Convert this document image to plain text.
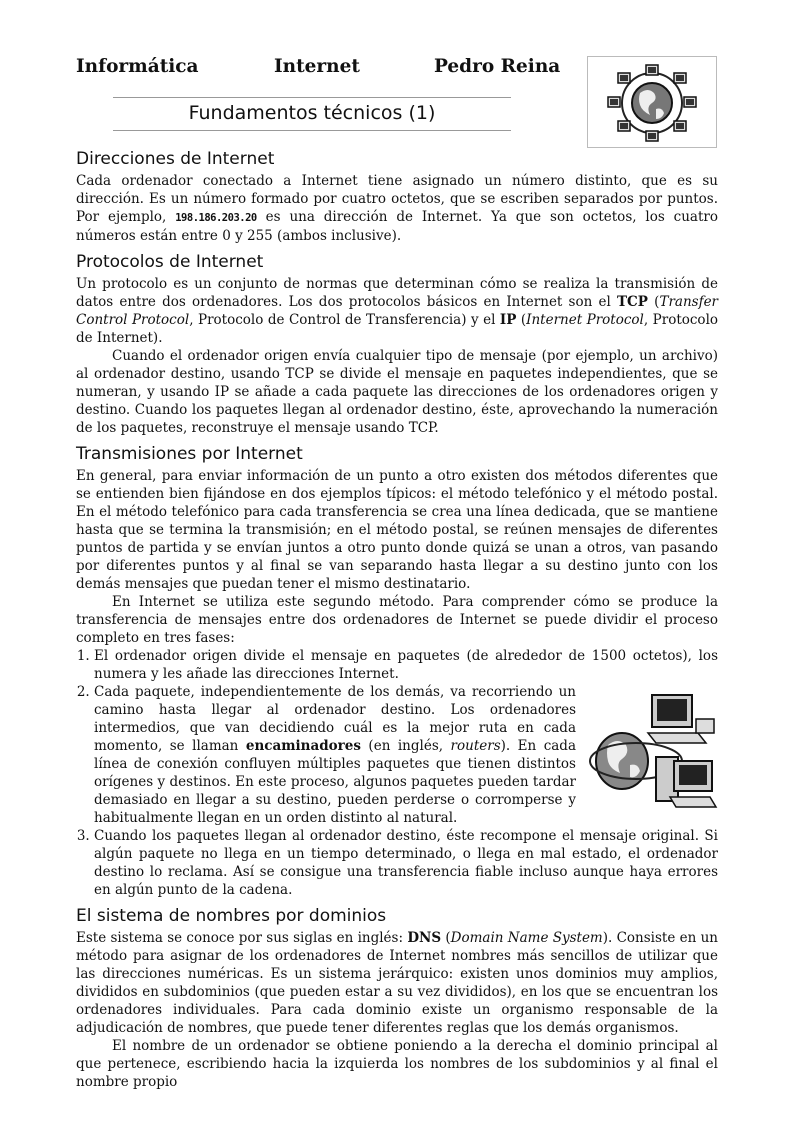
Informática	Internet	Pedro Reina
Fundamentos técnicos (1)
Direcciones de Internet

Cada ordenador conectado a Internet tiene asignado un número distinto, que es su dirección. Es un número formado por cuatro octetos, que se escriben separados por puntos. Por ejemplo, 198.186.203.20 es una dirección de Internet. Ya que son octetos, los cuatro números están entre 0 y 255 (ambos inclusive).

Protocolos de Internet

Un protocolo es un conjunto de normas que determinan cómo se realiza la transmisión de datos entre dos ordenadores. Los dos protocolos básicos en Internet son el TCP (Transfer Control Protocol, Protocolo de Control de Transferencia) y el IP (Internet Protocol, Protocolo de Internet).

Cuando el ordenador origen envía cualquier tipo de mensaje (por ejemplo, un archivo) al ordenador destino, usando TCP se divide el mensaje en paquetes independientes, que se numeran, y usando IP se añade a cada paquete las direcciones de los ordenadores origen y destino. Cuando los paquetes llegan al ordenador destino, éste, aprovechando la numeración de los paquetes, reconstruye el mensaje usando TCP.

Transmisiones por Internet

En general, para enviar información de un punto a otro existen dos métodos diferentes que se entienden bien fijándose en dos ejemplos típicos: el método telefónico y el método postal. En el método telefónico para cada transferencia se crea una línea dedicada, que se mantiene hasta que se termina la transmisión; en el método postal, se reúnen mensajes de diferentes puntos de partida y se envían juntos a otro punto donde quizá se unan a otros, van pasando por diferentes puntos y al final se van separando hasta llegar a su destino junto con los demás mensajes que puedan tener el mismo destinatario.

En Internet se utiliza este segundo método. Para comprender cómo se produce la transferencia de mensajes entre dos ordenadores de Internet se puede dividir el proceso completo en tres fases:

1. El ordenador origen divide el mensaje en paquetes (de alrededor de 1500 octetos), los numera y les añade las direcciones Internet.
2. Cada paquete, independientemente de los demás, va recorriendo un camino hasta llegar al ordenador destino. Los ordenadores intermedios, que van decidiendo cuál es la mejor ruta en cada momento, se llaman encaminadores (en inglés, routers). En cada línea de conexión confluyen múltiples paquetes que tienen distintos orígenes y destinos. En este proceso, algunos paquetes pueden tardar demasiado en llegar a su destino, pueden perderse o corromperse y habitualmente llegan en un orden distinto al natural.
3. Cuando los paquetes llegan al ordenador destino, éste recompone el mensaje original. Si algún paquete no llega en un tiempo determinado, o llega en mal estado, el ordenador destino lo reclama. Así se consigue una transferencia fiable incluso aunque haya errores en algún punto de la cadena.
El sistema de nombres por dominios

Este sistema se conoce por sus siglas en inglés: DNS (Domain Name System). Consiste en un método para asignar de los ordenadores de Internet nombres más sencillos de utilizar que las direcciones numéricas. Es un sistema jerárquico: existen unos dominios muy amplios, divididos en subdominios (que pueden estar a su vez divididos), en los que se encuentran los ordenadores individuales. Para cada dominio existe un organismo responsable de la adjudicación de nombres, que puede tener diferentes reglas que los demás organismos.

El nombre de un ordenador se obtiene poniendo a la derecha el dominio principal al que pertenece, escribiendo hacia la izquierda los nombres de los subdominios y al final el nombre propio
